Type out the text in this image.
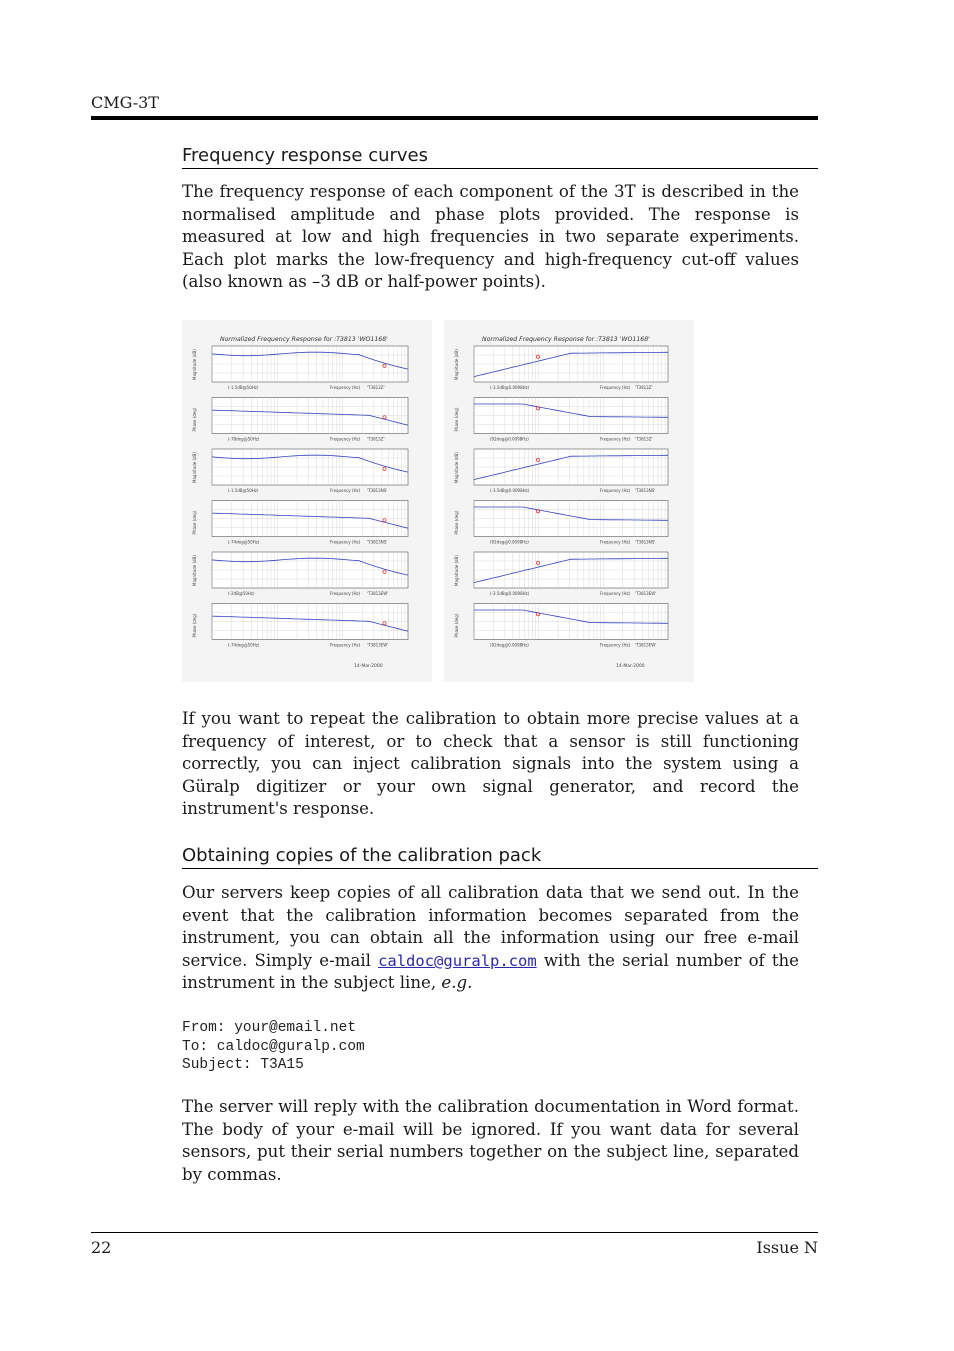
CMG-3T
Frequency response curves

The frequency response of each component of the 3T is described in the normalised amplitude and phase plots provided. The response is measured at low and high frequencies in two separate experiments. Each plot marks the low-frequency and high-frequency cut-off values (also known as –3 dB or half-power points).

Normalized Frequency Response for :T3813 'WO1168'	Normalized Frequency Response for :T3813 'WO1168'
Magnitude (dB)
(-1.5dB@50Hz)	Frequency (Hz) 'T3813Z'
Phase (deg)
(-78deg@50Hz)	Frequency (Hz) 'T3813Z'
Magnitude (dB)
(-1.5dB@50Hz)	Frequency (Hz) 'T3813NS'
Phase (deg)
(-74deg@50Hz)	Frequency (Hz) 'T3813NS'
Magnitude (dB)
(-2dB@50Hz)	Frequency (Hz) 'T3813EW'
Phase (deg)
(-74deg@50Hz)	Frequency (Hz) 'T3813EW'
Magnitude (dB)
(-3.5dB@0.0098Hz)	Frequency (Hz) 'T3813Z'
Phase (deg)
(92deg@0.0098Hz)	Frequency (Hz) 'T3813Z'
Magnitude (dB)
(-3.5dB@0.0098Hz)	Frequency (Hz) 'T3813NS'
Phase (deg)
(92deg@0.0098Hz)	Frequency (Hz) 'T3813NS'
Magnitude (dB)
(-3.5dB@0.0098Hz)	Frequency (Hz) 'T3813EW'
Phase (deg)
(92deg@0.0098Hz)	Frequency (Hz) 'T3813EW'
14-Mar-2000	14-Mar-2000

If you want to repeat the calibration to obtain more precise values at a frequency of interest, or to check that a sensor is still functioning correctly, you can inject calibration signals into the system using a Güralp digitizer or your own signal generator, and record the instrument's response.

Obtaining copies of the calibration pack

Our servers keep copies of all calibration data that we send out. In the event that the calibration information becomes separated from the instrument, you can obtain all the information using our free e-mail service. Simply e-mail caldoc@guralp.com with the serial number of the instrument in the subject line, e.g.

From: your@email.net
To: caldoc@guralp.com
Subject: T3A15

The server will reply with the calibration documentation in Word format. The body of your e-mail will be ignored. If you want data for several sensors, put their serial numbers together on the subject line, separated by commas.

22	Issue N
